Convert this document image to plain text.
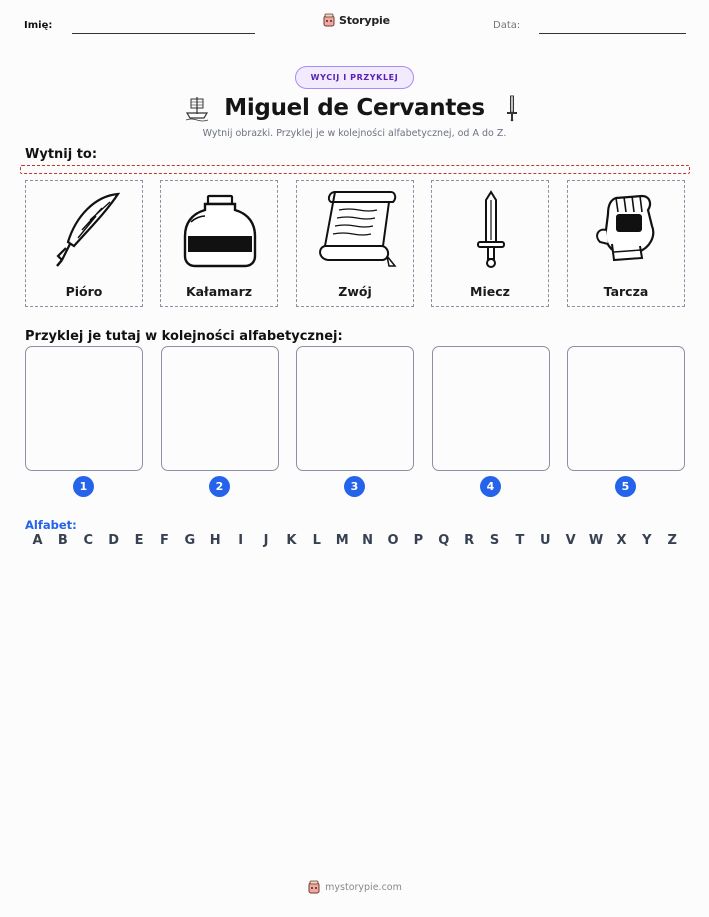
Imię:	Storypie	Data:
WYCIJ I PRZYKLEJ
Miguel de Cervantes
Wytnij obrazki. Przyklej je w kolejności alfabetycznej, od A do Z.
Wytnij to:
Pióro	Kałamarz	Zwój	Miecz	Tarcza
Przyklej je tutaj w kolejności alfabetycznej:
1	2	3	4	5
Alfabet:
A	B	C	D	E	F	G	H	I	J	K	L	M	N	O	P	Q	R	S	T	U	V	W	X	Y	Z
mystorypie.com
